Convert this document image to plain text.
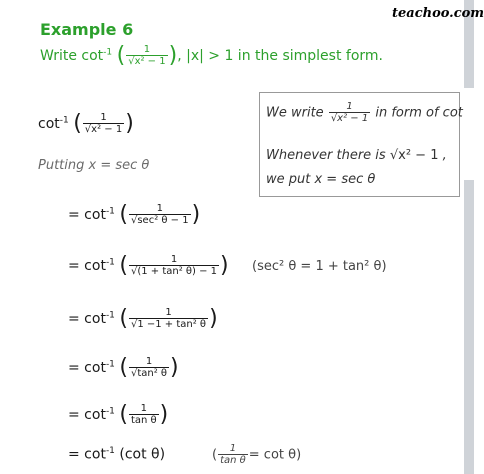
teachoo.com
Example 6
Write $\cot^{-1}$ ( $\frac{1}{\text{√x² − 1}}$ ), |x| > 1 in the simplest form.
$\cot^{-1}$ ( $\frac{1}{\text{√x² − 1}}$ )
Putting x = sec θ
= $\cot^{-1}$ ( $\frac{1}{\text{√sec² θ − 1}}$ )
= $\cot^{-1}$ ( $\frac{1}{\text{√(1 + tan² θ) − 1}}$ ) (sec² θ = 1 + tan² θ)
= $\cot^{-1}$ ( $\frac{1}{\text{√1 −1 + tan² θ}}$ )
= $\cot^{-1}$ ( $\frac{1}{\text{√tan² θ}}$ )
= $\cot^{-1}$ ( $\frac{1}{\text{tan θ}}$ )
= $\cot^{-1} (\cot$ θ)	( $\frac{1}{\text{tan θ}} = \cot \theta$)
We write $\frac{1}{\text{√x² − 1}}$ in form of cot
Whenever there is √x² − 1 ,
we put x = sec θ
